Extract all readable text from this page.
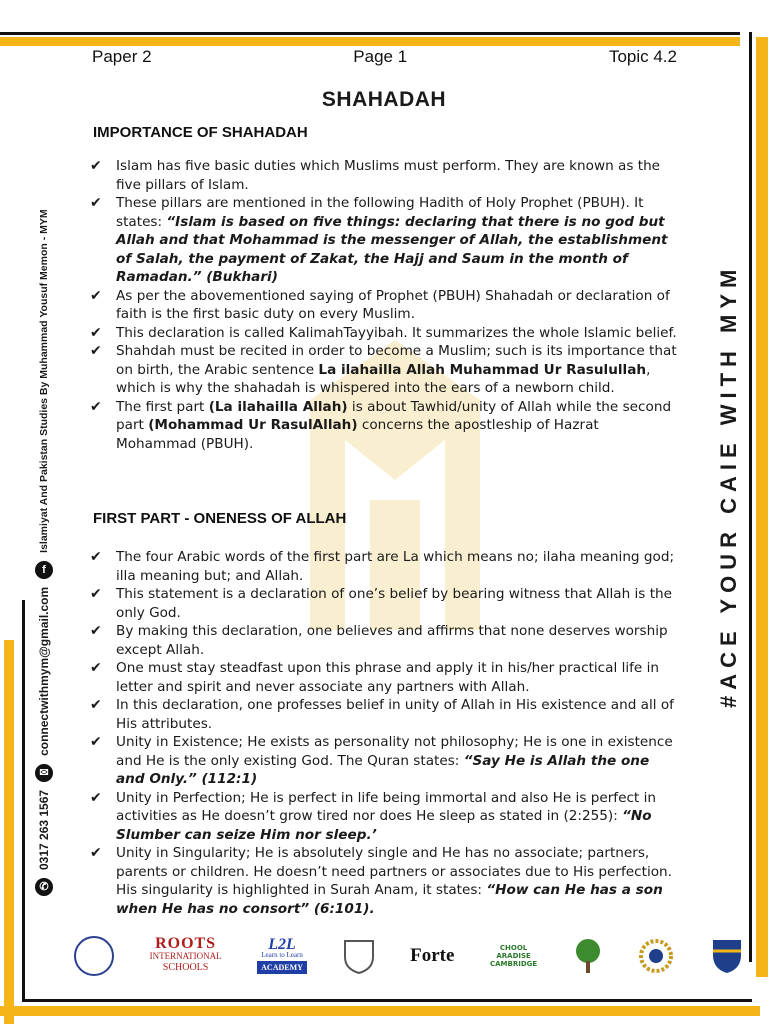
Paper 2	Page 1	Topic 4.2
SHAHADAH
IMPORTANCE OF SHAHADAH
✔ Islam has five basic duties which Muslims must perform. They are known as the five pillars of Islam.
✔ These pillars are mentioned in the following Hadith of Holy Prophet (PBUH). It states: “Islam is based on five things: declaring that there is no god but Allah and that Mohammad is the messenger of Allah, the establishment of Salah, the payment of Zakat, the Hajj and Saum in the month of Ramadan.” (Bukhari)
✔ As per the abovementioned saying of Prophet (PBUH) Shahadah or declaration of faith is the first basic duty on every Muslim.
✔ This declaration is called KalimahTayyibah. It summarizes the whole Islamic belief.
✔ Shahdah must be recited in order to become a Muslim; such is its importance that on birth, the Arabic sentence La ilahailla Allah Muhammad Ur Rasulullah, which is why the shahadah is whispered into the ears of a newborn child.
✔ The first part (La ilahailla Allah) is about Tawhid/unity of Allah while the second part (Mohammad Ur RasulAllah) concerns the apostleship of Hazrat Mohammad (PBUH).
FIRST PART - ONENESS OF ALLAH
✔ The four Arabic words of the first part are La which means no; ilaha meaning god; illa meaning but; and Allah.
✔ This statement is a declaration of one’s belief by bearing witness that Allah is the only God.
✔ By making this declaration, one believes and affirms that none deserves worship except Allah.
✔ One must stay steadfast upon this phrase and apply it in his/her practical life in letter and spirit and never associate any partners with Allah.
✔ In this declaration, one professes belief in unity of Allah in His existence and all of His attributes.
✔ Unity in Existence; He exists as personality not philosophy; He is one in existence and He is the only existing God. The Quran states: “Say He is Allah the one and Only.” (112:1)
✔ Unity in Perfection; He is perfect in life being immortal and also He is perfect in activities as He doesn’t grow tired nor does He sleep as stated in (2:255): “No Slumber can seize Him nor sleep.’
✔ Unity in Singularity; He is absolutely single and He has no associate; partners, parents or children. He doesn’t need partners or associates due to His perfection. His singularity is highlighted in Surah Anam, it states: “How can He has a son when He has no consort” (6:101).
✆
0317 263 1567
✉
connectwithmym@gmail.com
f
Islamiyat And Pakistan Studies By Muhammad Yousuf Memon - MYM	#ACE YOUR CAIE WITH MYM
ROOTS
INTERNATIONAL
SCHOOLS
L2L
Learn to Learn
ACADEMY
Forte	CHOOL
ARADISE
CAMBRIDGE
